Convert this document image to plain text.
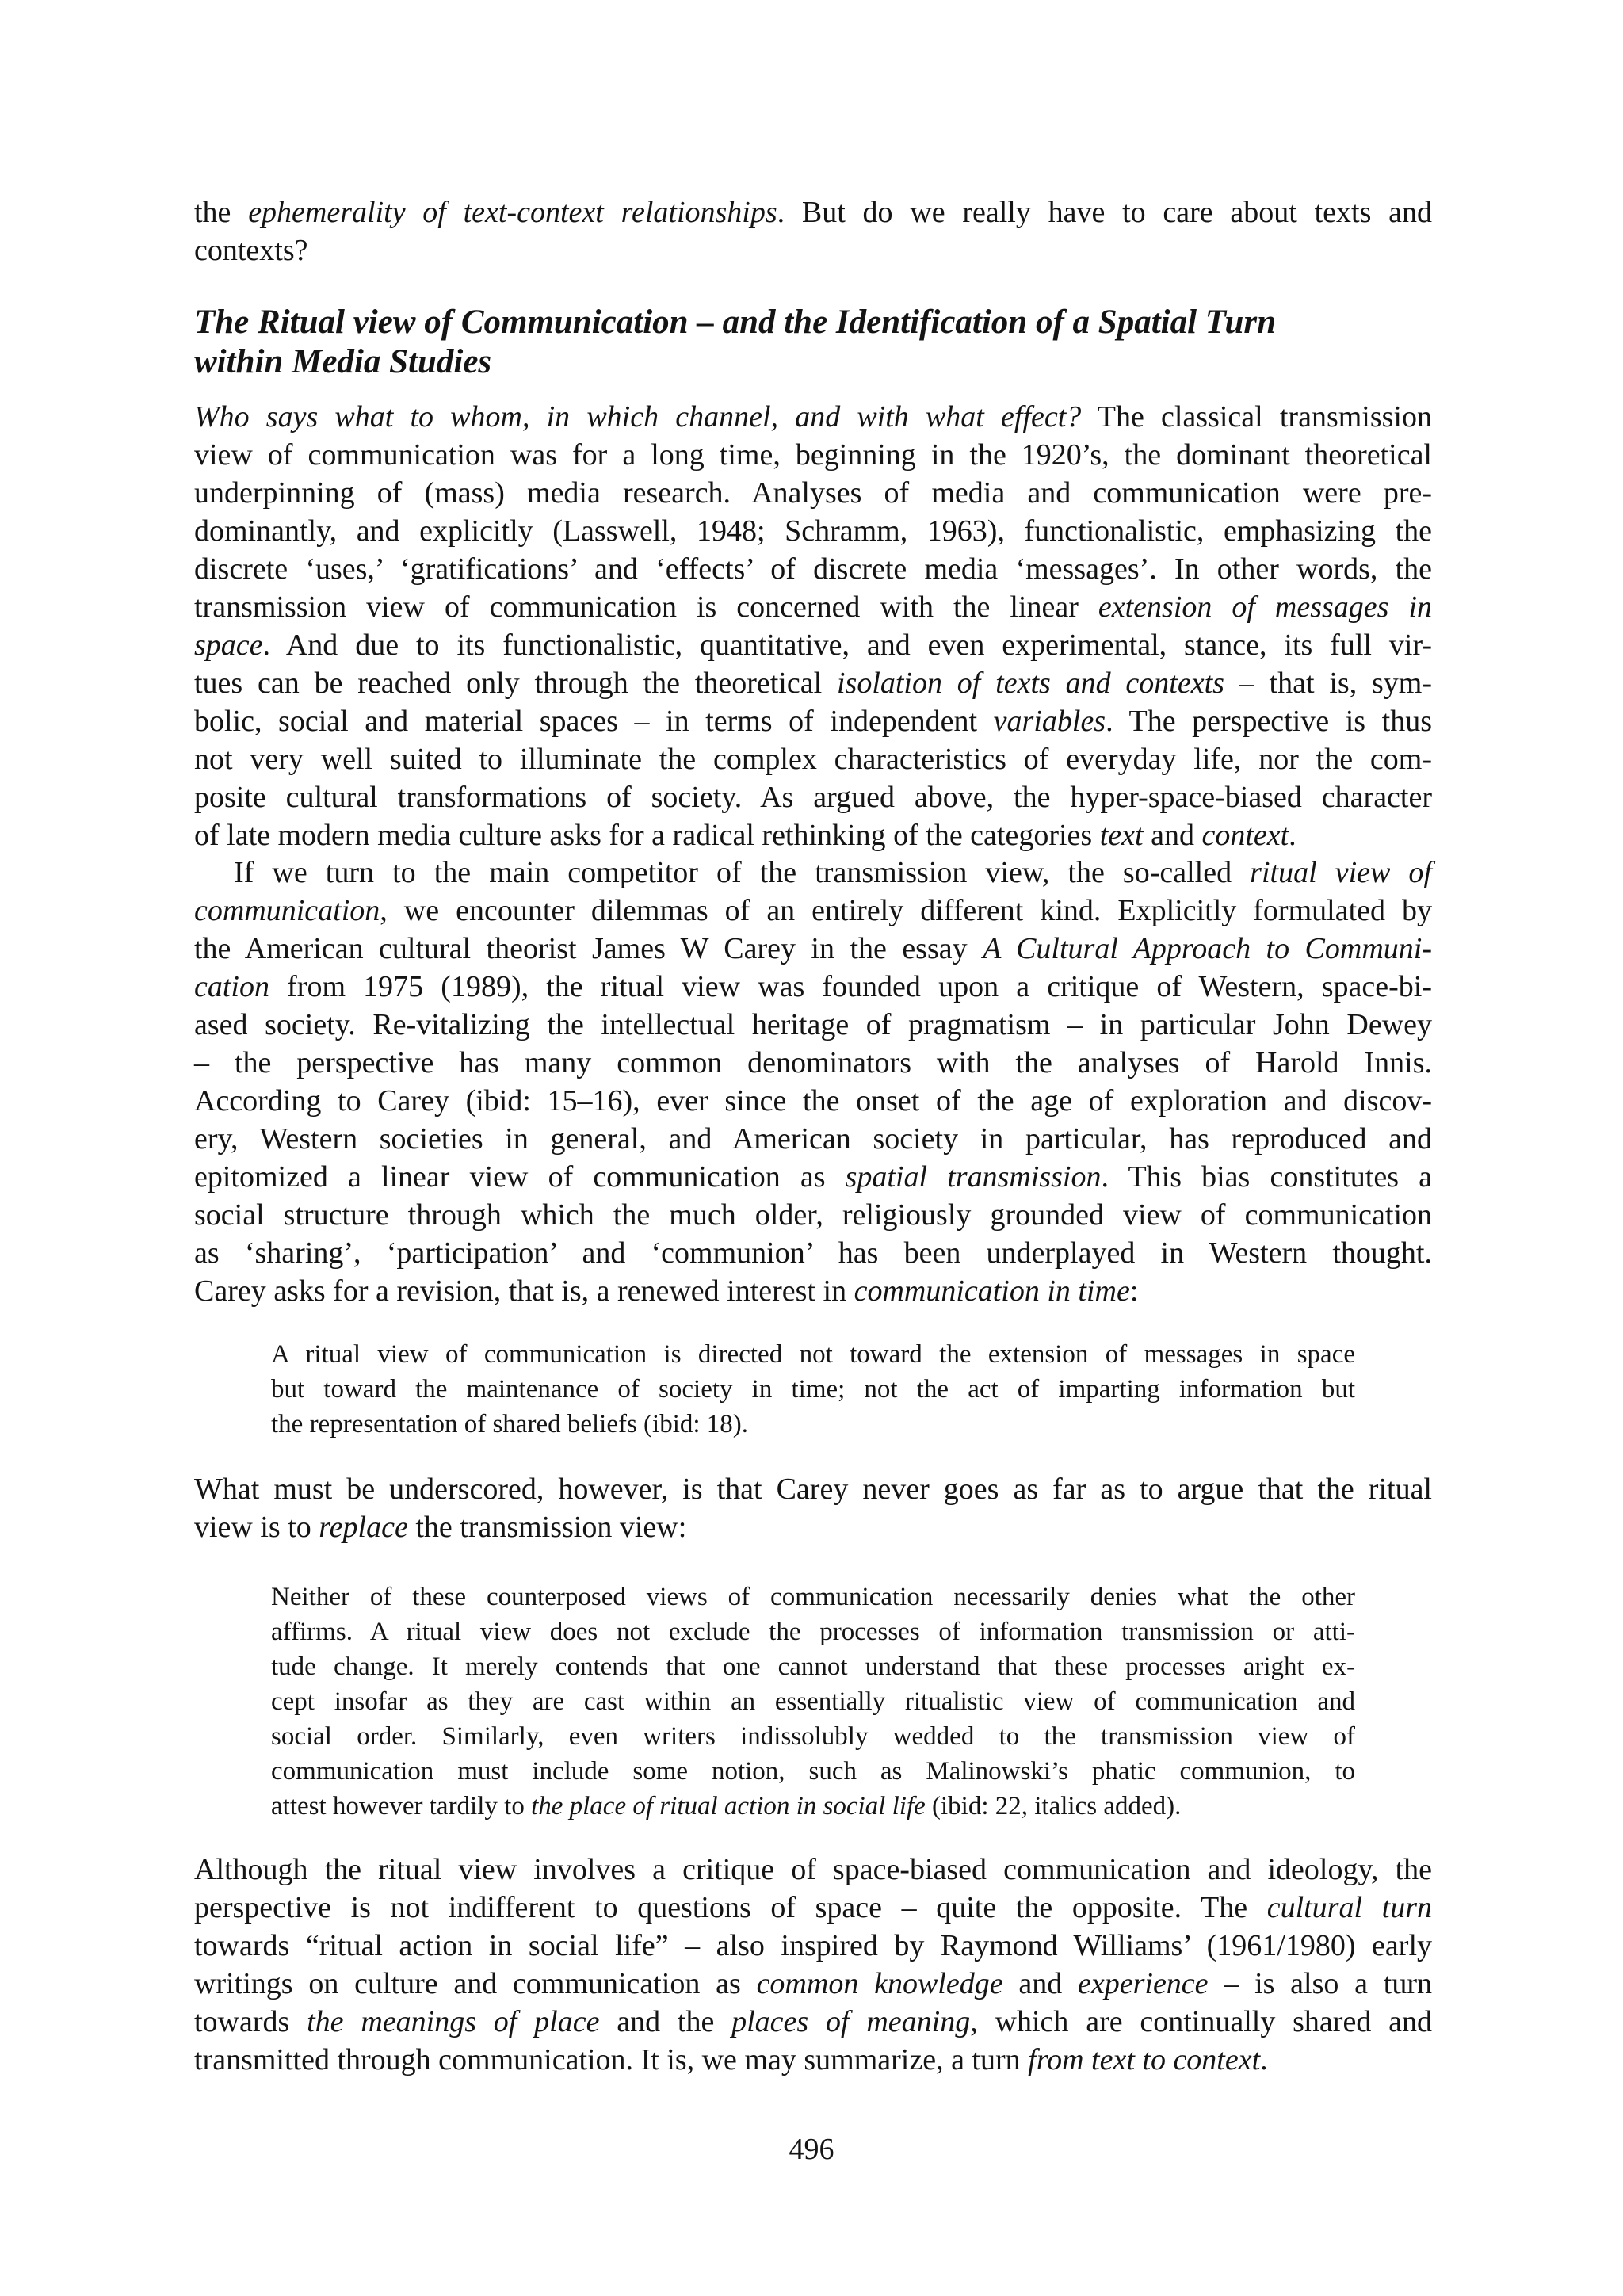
the ephemerality of text-context relationships. But do we really have to care about texts and
contexts?

The Ritual view of Communication – and the Identification of a Spatial Turn
within Media Studies

Who says what to whom, in which channel, and with what effect? The classical transmission
view of communication was for a long time, beginning in the 1920’s, the dominant theoretical
underpinning of (mass) media research. Analyses of media and communication were pre-
dominantly, and explicitly (Lasswell, 1948; Schramm, 1963), functionalistic, emphasizing the
discrete ‘uses,’ ‘gratifications’ and ‘effects’ of discrete media ‘messages’. In other words, the
transmission view of communication is concerned with the linear extension of messages in
space. And due to its functionalistic, quantitative, and even experimental, stance, its full vir-
tues can be reached only through the theoretical isolation of texts and contexts – that is, sym-
bolic, social and material spaces – in terms of independent variables. The perspective is thus
not very well suited to illuminate the complex characteristics of everyday life, nor the com-
posite cultural transformations of society. As argued above, the hyper-space-biased character
of late modern media culture asks for a radical rethinking of the categories text and context.

If we turn to the main competitor of the transmission view, the so-called ritual view of
communication, we encounter dilemmas of an entirely different kind. Explicitly formulated by
the American cultural theorist James W Carey in the essay A Cultural Approach to Communi-
cation from 1975 (1989), the ritual view was founded upon a critique of Western, space-bi-
ased society. Re-vitalizing the intellectual heritage of pragmatism – in particular John Dewey
– the perspective has many common denominators with the analyses of Harold Innis.
According to Carey (ibid: 15–16), ever since the onset of the age of exploration and discov-
ery, Western societies in general, and American society in particular, has reproduced and
epitomized a linear view of communication as spatial transmission. This bias constitutes a
social structure through which the much older, religiously grounded view of communication
as ‘sharing’, ‘participation’ and ‘communion’ has been underplayed in Western thought.
Carey asks for a revision, that is, a renewed interest in communication in time:

A ritual view of communication is directed not toward the extension of messages in space
but toward the maintenance of society in time; not the act of imparting information but
the representation of shared beliefs (ibid: 18).

What must be underscored, however, is that Carey never goes as far as to argue that the ritual
view is to replace the transmission view:

Neither of these counterposed views of communication necessarily denies what the other
affirms. A ritual view does not exclude the processes of information transmission or atti-
tude change. It merely contends that one cannot understand that these processes aright ex-
cept insofar as they are cast within an essentially ritualistic view of communication and
social order. Similarly, even writers indissolubly wedded to the transmission view of
communication must include some notion, such as Malinowski’s phatic communion, to
attest however tardily to the place of ritual action in social life (ibid: 22, italics added).

Although the ritual view involves a critique of space-biased communication and ideology, the
perspective is not indifferent to questions of space – quite the opposite. The cultural turn
towards “ritual action in social life” – also inspired by Raymond Williams’ (1961/1980) early
writings on culture and communication as common knowledge and experience – is also a turn
towards the meanings of place and the places of meaning, which are continually shared and
transmitted through communication. It is, we may summarize, a turn from text to context.

496
